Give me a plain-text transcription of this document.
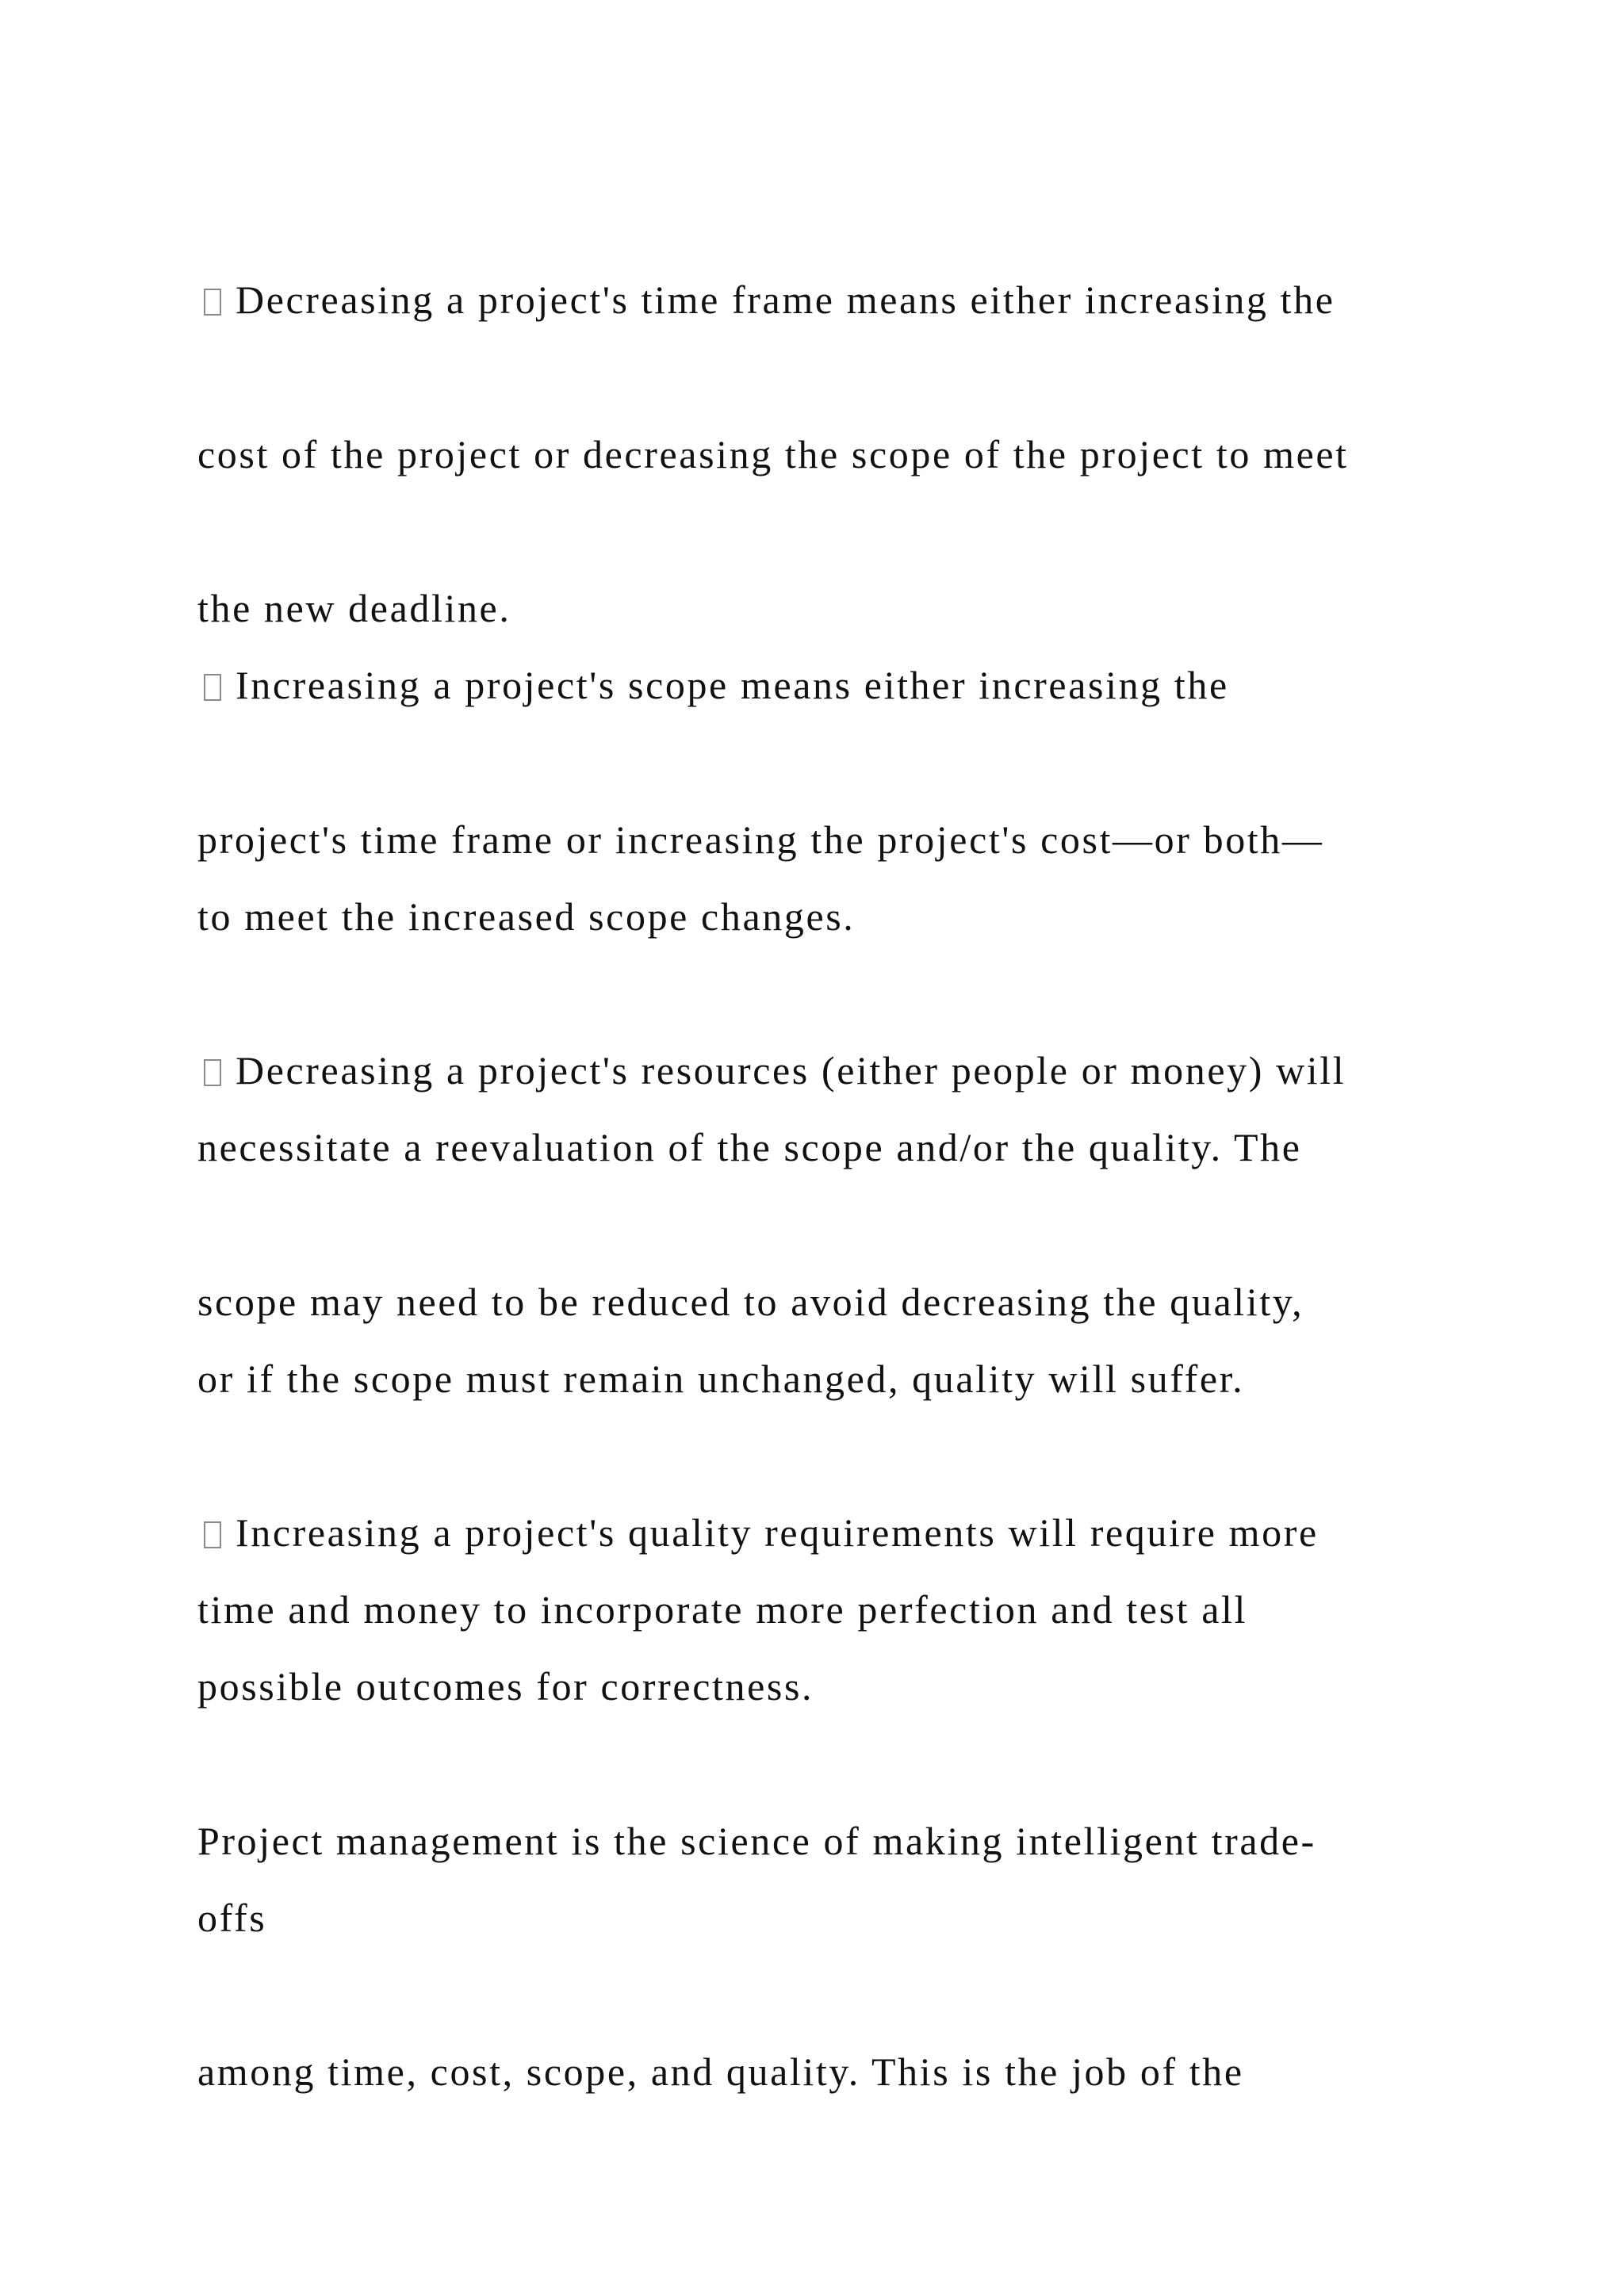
Decreasing a project's time frame means either increasing the

cost of the project or decreasing the scope of the project to meet

the new deadline.

Increasing a project's scope means either increasing the

project's time frame or increasing the project's cost—or both—

to meet the increased scope changes.

Decreasing a project's resources (either people or money) will

necessitate a reevaluation of the scope and/or the quality. The

scope may need to be reduced to avoid decreasing the quality,

or if the scope must remain unchanged, quality will suffer.

Increasing a project's quality requirements will require more

time and money to incorporate more perfection and test all

possible outcomes for correctness.

Project management is the science of making intelligent trade-

offs

among time, cost, scope, and quality. This is the job of the
